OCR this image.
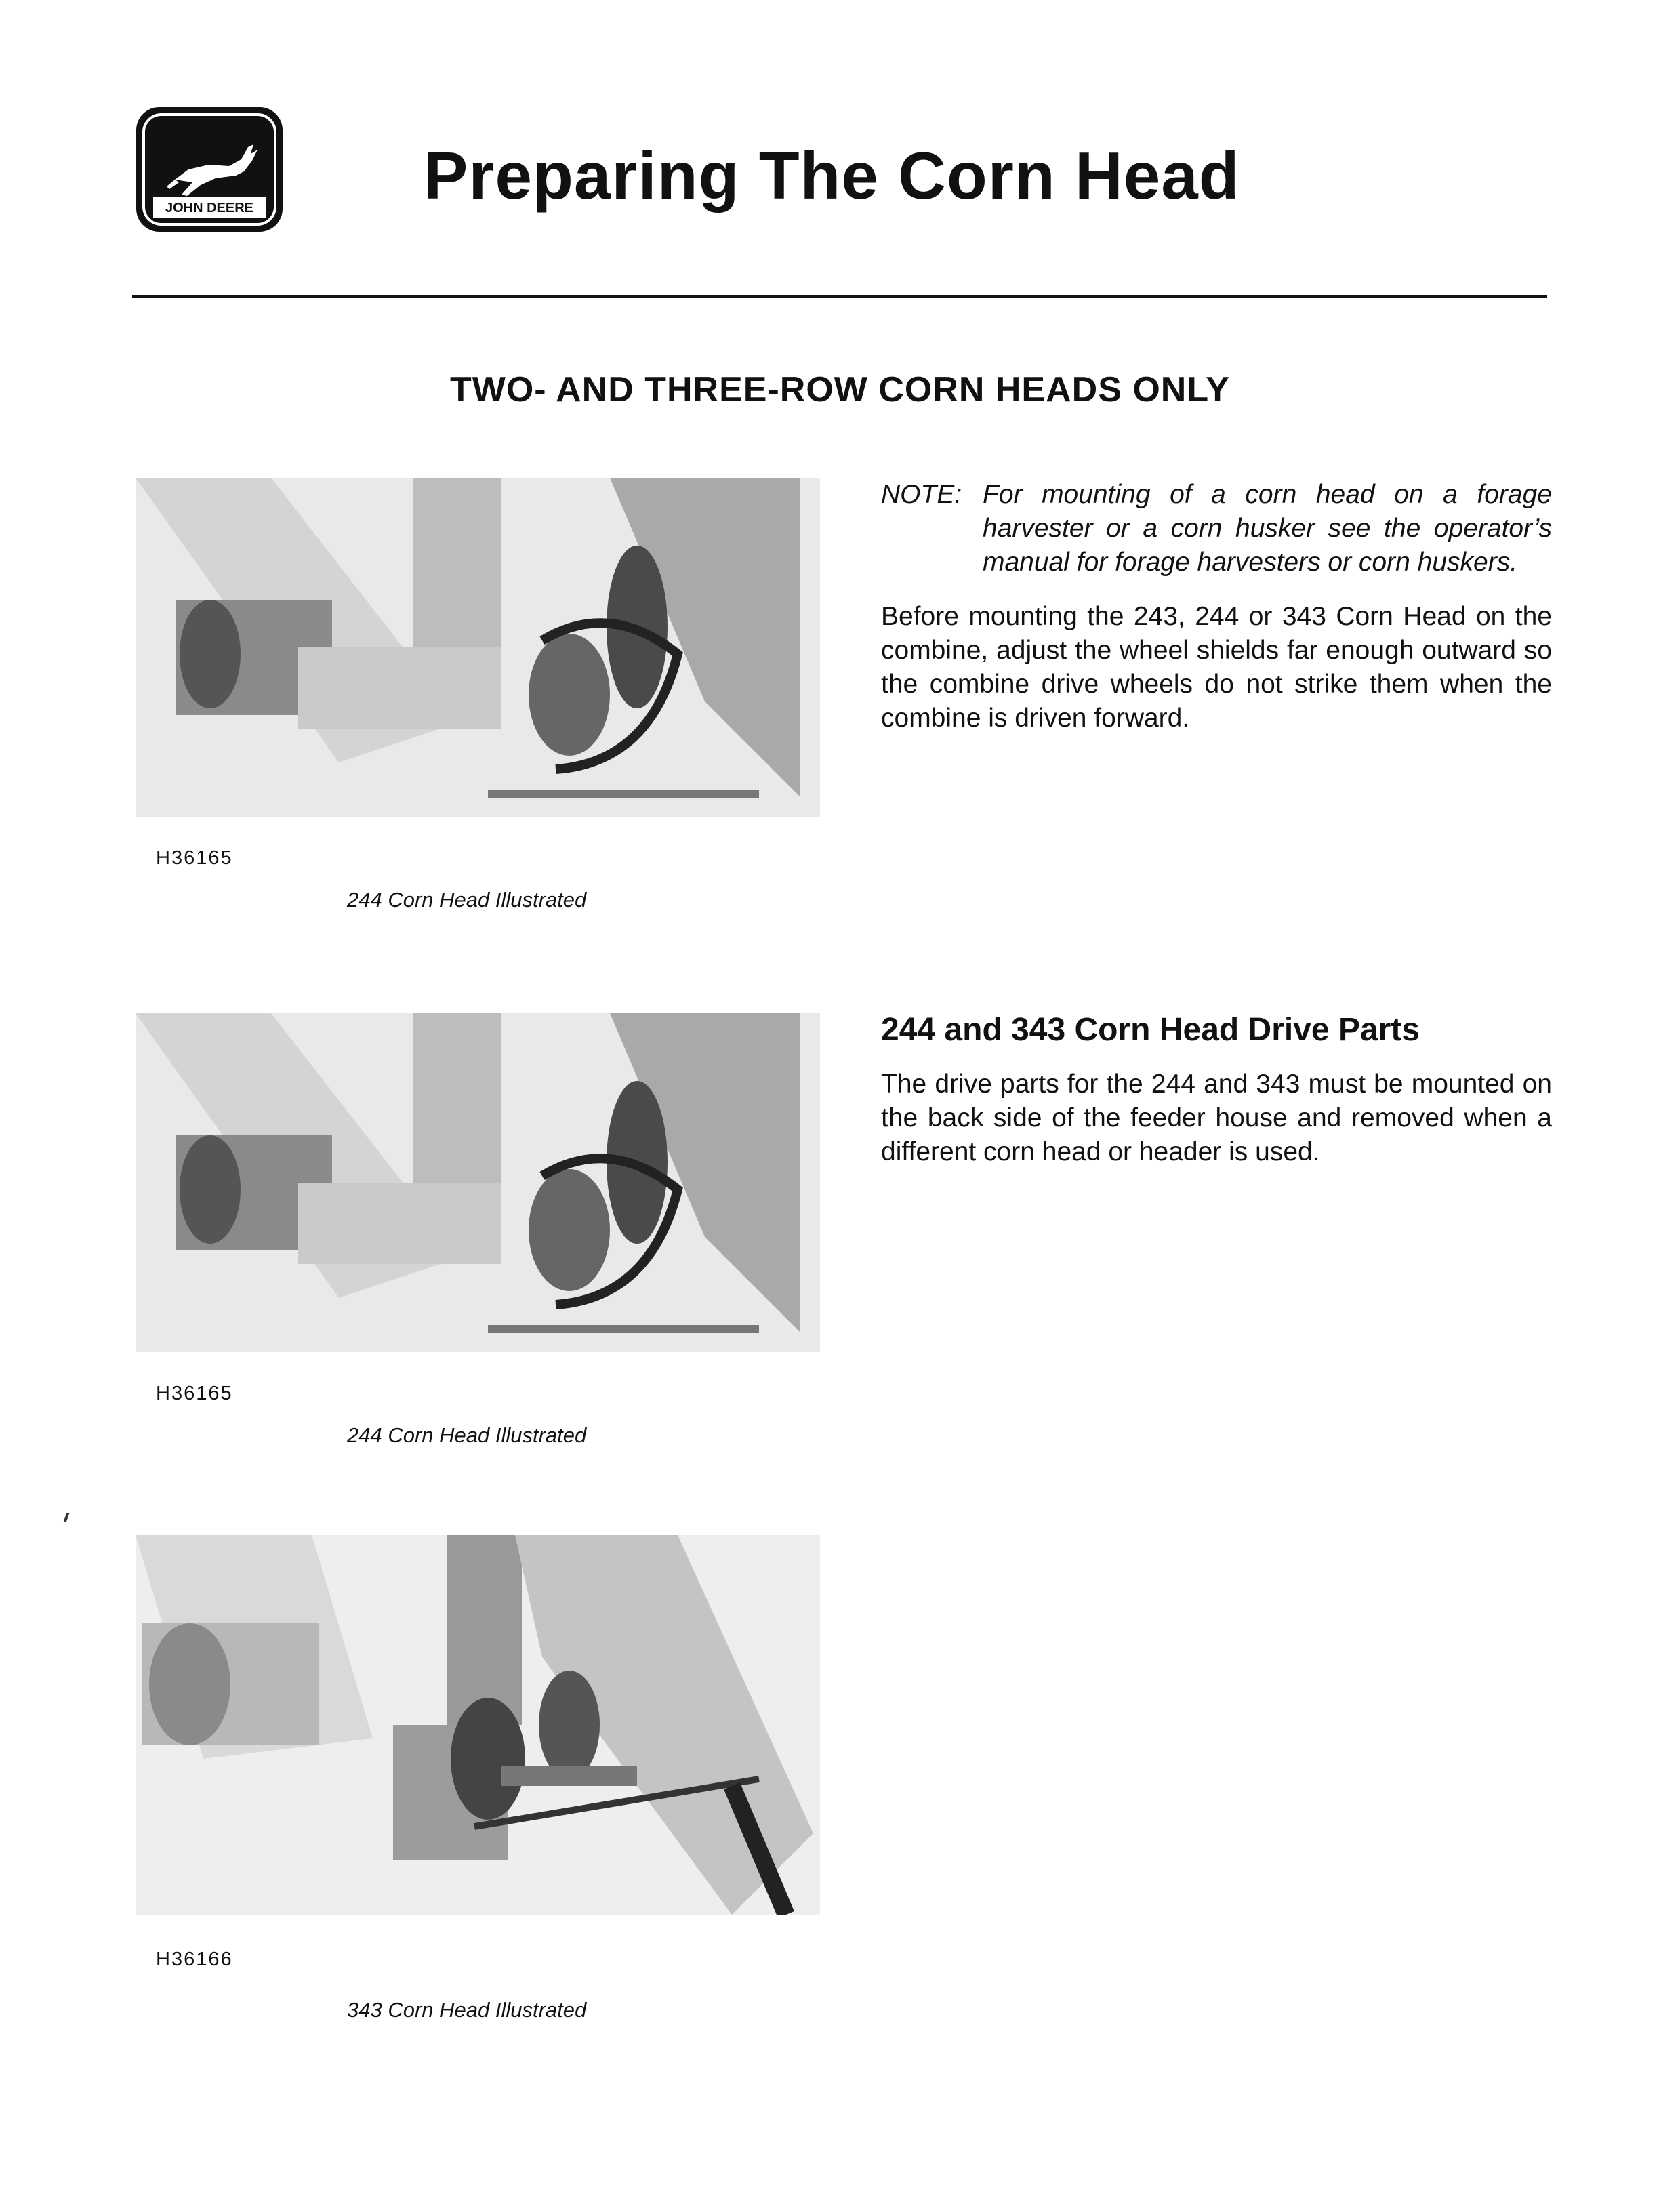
JOHN DEERE	Preparing The Corn Head
TWO- AND THREE-ROW CORN HEADS ONLY
H36165
244 Corn Head Illustrated
H36165
244 Corn Head Illustrated
H36166
343 Corn Head Illustrated
NOTE: For mounting of a corn head on a forage harvester or a corn husker see the operator’s manual for forage harvesters or corn huskers.

Before mounting the 243, 244 or 343 Corn Head on the combine, adjust the wheel shields far enough outward so the combine drive wheels do not strike them when the combine is driven forward.

244 and 343 Corn Head Drive Parts

The drive parts for the 244 and 343 must be mounted on the back side of the feeder house and removed when a different corn head or header is used.
